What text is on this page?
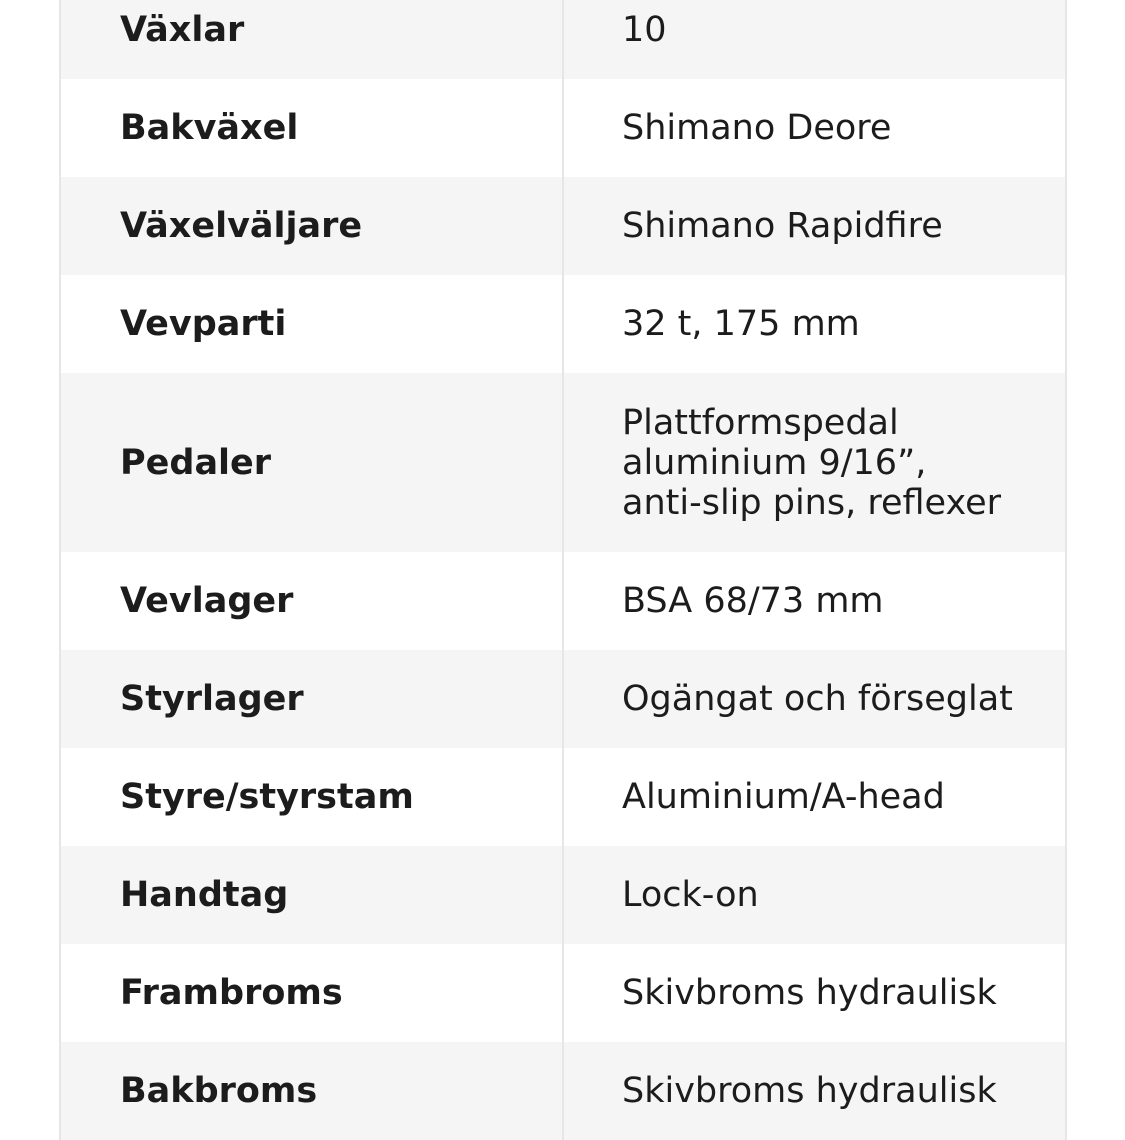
Växlar	10
Bakväxel	Shimano Deore
Växelväljare	Shimano Rapidfire
Vevparti	32 t, 175 mm
Pedaler	Plattformspedal aluminium 9/16”, anti-slip pins, reflexer
Vevlager	BSA 68/73 mm
Styrlager	Ogängat och förseglat
Styre/styrstam	Aluminium/A-head
Handtag	Lock-on
Frambroms	Skivbroms hydraulisk
Bakbroms	Skivbroms hydraulisk
